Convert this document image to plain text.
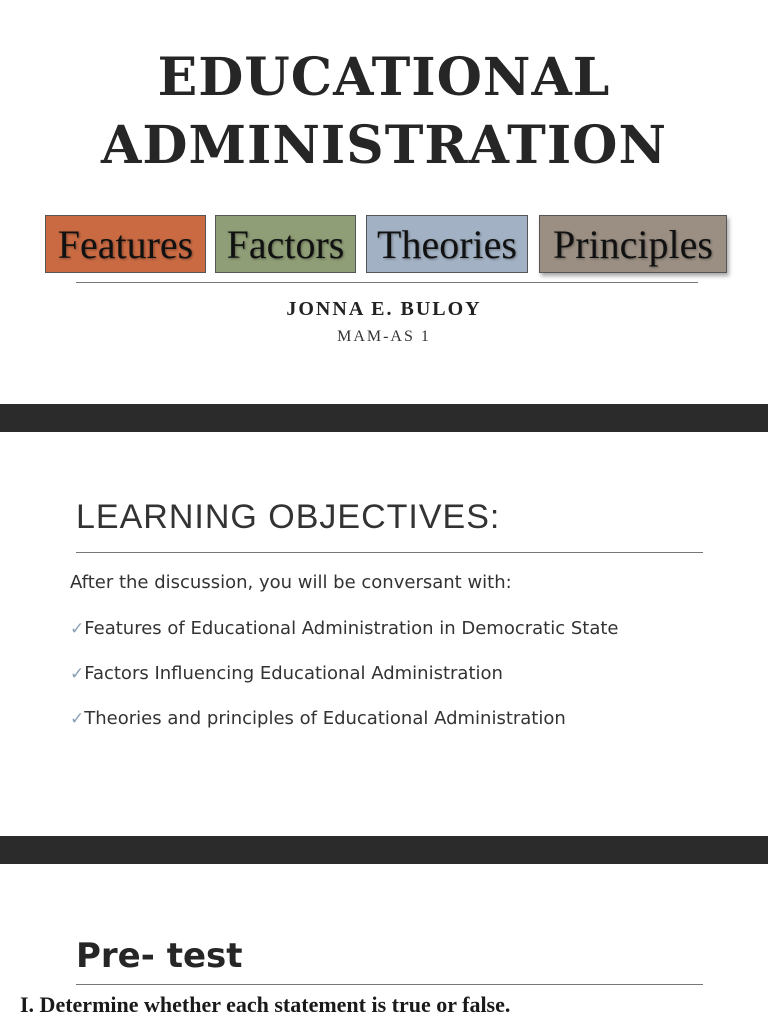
EDUCATIONAL
ADMINISTRATION
Features Factors Theories Principles
JONNA E. BULOY
MAM-AS 1
LEARNING OBJECTIVES:
After the discussion, you will be conversant with:
✓Features of Educational Administration in Democratic State
✓Factors Influencing Educational Administration
✓Theories and principles of Educational Administration
Pre- test
I. Determine whether each statement is true or false.
